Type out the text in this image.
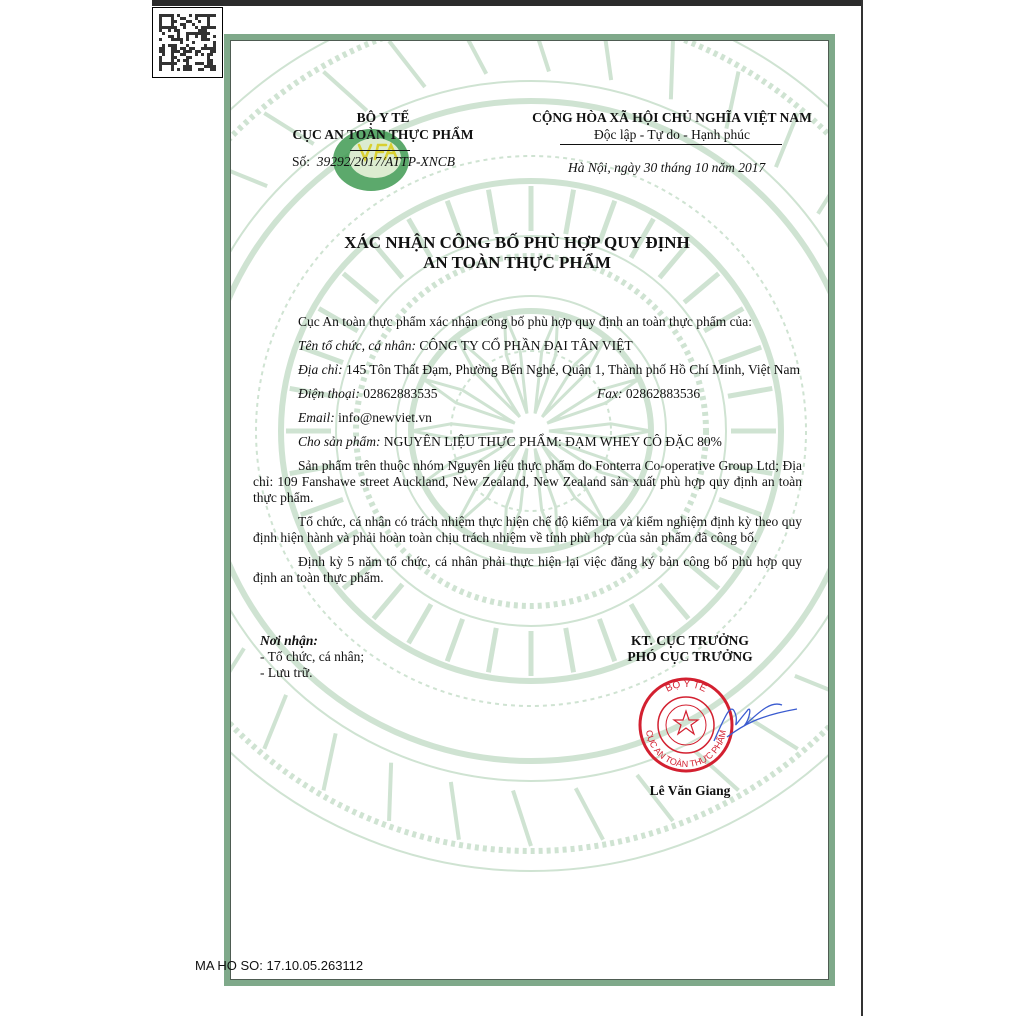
BỘ Y TẾ
CỤC AN TOÀN THỰC PHẨM
Số: 39292/2017/ATTP-XNCB
CỘNG HÒA XÃ HỘI CHỦ NGHĨA VIỆT NAM
Độc lập - Tự do - Hạnh phúc
Hà Nội, ngày 30 tháng 10 năm 2017
XÁC NHẬN CÔNG BỐ PHÙ HỢP QUY ĐỊNH
AN TOÀN THỰC PHẨM
Cục An toàn thực phẩm xác nhận công bố phù hợp quy định an toàn thực phẩm của:
Tên tổ chức, cá nhân: CÔNG TY CỔ PHẦN ĐẠI TÂN VIỆT
Địa chỉ: 145 Tôn Thất Đạm, Phường Bến Nghé, Quận 1, Thành phố Hồ Chí Minh, Việt Nam
Điện thoại: 02862883535	Fax: 02862883536
Email: info@newviet.vn
Cho sản phẩm: NGUYÊN LIỆU THỰC PHẨM: ĐẠM WHEY CÔ ĐẶC 80%
Sản phẩm trên thuộc nhóm Nguyên liệu thực phẩm do Fonterra Co-operative Group Ltd; Địa chỉ: 109 Fanshawe street Auckland, New Zealand, New Zealand sản xuất phù hợp quy định an toàn thực phẩm.
Tổ chức, cá nhân có trách nhiệm thực hiện chế độ kiểm tra và kiểm nghiệm định kỳ theo quy định hiện hành và phải hoàn toàn chịu trách nhiệm về tính phù hợp của sản phẩm đã công bố.
Định kỳ 5 năm tổ chức, cá nhân phải thực hiện lại việc đăng ký bản công bố phù hợp quy định an toàn thực phẩm.
Nơi nhận:
- Tổ chức, cá nhân;
- Lưu trữ.
KT. CỤC TRƯỞNG
PHÓ CỤC TRƯỞNG
BỘ Y TẾ
CỤC AN TOÀN THỰC PHẨM
Lê Văn Giang
MA HO SO: 17.10.05.263112
